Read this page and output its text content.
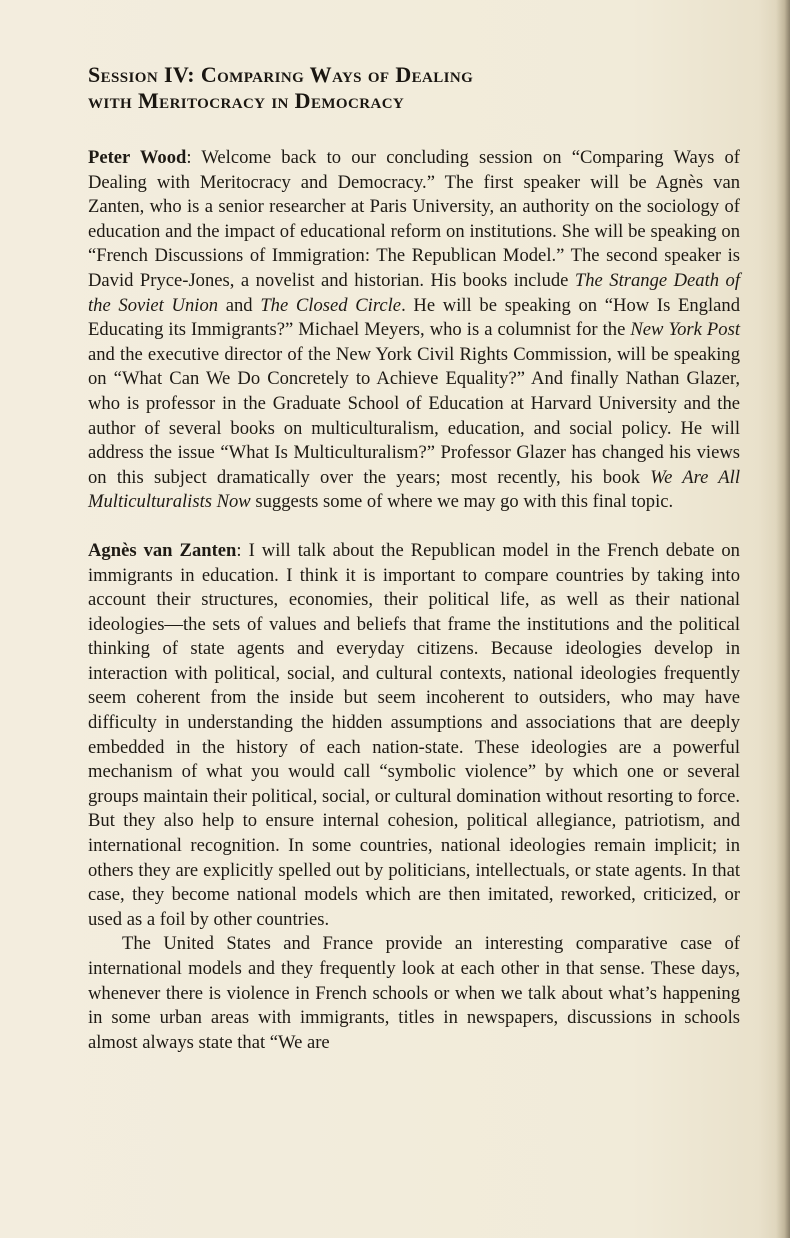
Session IV: Comparing Ways of Dealing
with Meritocracy in Democracy

Peter Wood: Welcome back to our concluding session on “Comparing Ways of Dealing with Meritocracy and Democracy.” The first speaker will be Agnès van Zanten, who is a senior researcher at Paris University, an authority on the sociology of education and the impact of educational reform on institutions. She will be speaking on “French Discussions of Immigration: The Republican Model.” The second speaker is David Pryce-Jones, a novelist and historian. His books include The Strange Death of the Soviet Union and The Closed Circle. He will be speaking on “How Is England Educating its Immigrants?” Michael Meyers, who is a columnist for the New York Post and the executive director of the New York Civil Rights Commission, will be speaking on “What Can We Do Concretely to Achieve Equality?” And finally Nathan Glazer, who is professor in the Graduate School of Education at Harvard University and the author of several books on multiculturalism, education, and social policy. He will address the issue “What Is Multiculturalism?” Professor Glazer has changed his views on this subject dramatically over the years; most recently, his book We Are All Multiculturalists Now suggests some of where we may go with this final topic.

Agnès van Zanten: I will talk about the Republican model in the French debate on immigrants in education. I think it is important to compare countries by taking into account their structures, economies, their political life, as well as their national ideologies—the sets of values and beliefs that frame the institutions and the political thinking of state agents and everyday citizens. Because ideologies develop in interaction with political, social, and cultural contexts, national ideologies frequently seem coherent from the inside but seem incoherent to outsiders, who may have difficulty in understanding the hidden assumptions and associations that are deeply embedded in the history of each nation-state. These ideologies are a powerful mechanism of what you would call “symbolic violence” by which one or several groups maintain their political, social, or cultural domination without resorting to force. But they also help to ensure internal cohesion, political allegiance, patriotism, and international recognition. In some countries, national ideologies remain implicit; in others they are explicitly spelled out by politicians, intellectuals, or state agents. In that case, they become national models which are then imitated, reworked, criticized, or used as a foil by other countries.

The United States and France provide an interesting comparative case of international models and they frequently look at each other in that sense. These days, whenever there is violence in French schools or when we talk about what’s happening in some urban areas with immigrants, titles in newspapers, discussions in schools almost always state that “We are
